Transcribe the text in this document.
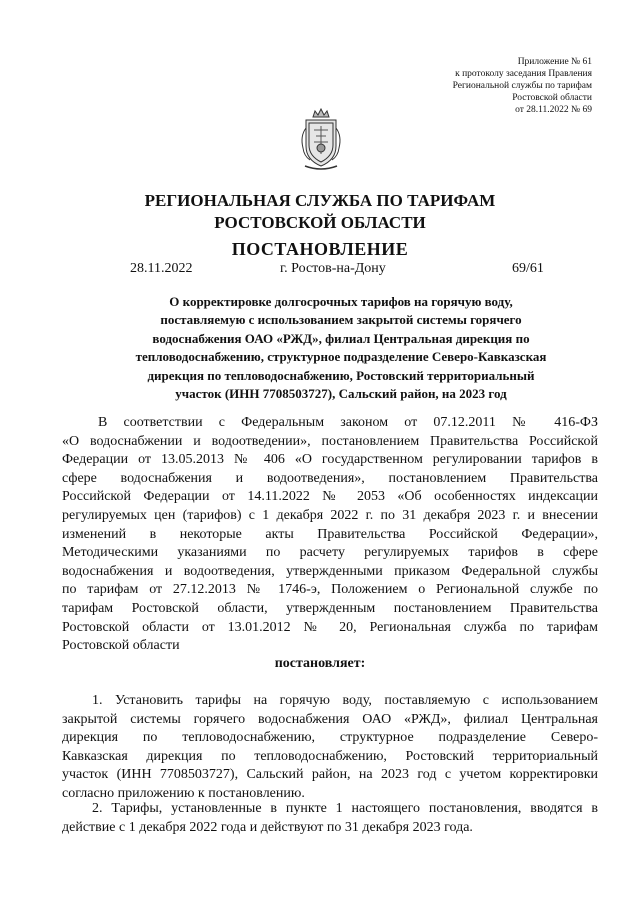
Приложение № 61
к протоколу заседания Правления
Региональной службы по тарифам
Ростовской области
от 28.11.2022 № 69
РЕГИОНАЛЬНАЯ СЛУЖБА ПО ТАРИФАМ
РОСТОВСКОЙ ОБЛАСТИ
ПОСТАНОВЛЕНИЕ
28.11.2022	г. Ростов-на-Дону	69/61
О корректировке долгосрочных тарифов на горячую воду,
поставляемую с использованием закрытой системы горячего
водоснабжения ОАО «РЖД», филиал Центральная дирекция по
тепловодоснабжению, структурное подразделение Северо-Кавказская
дирекция по тепловодоснабжению, Ростовский территориальный
участок (ИНН 7708503727), Сальский район, на 2023 год
В соответствии с Федеральным законом от 07.12.2011 № 416-ФЗ
«О водоснабжении и водоотведении», постановлением Правительства Российской
Федерации от 13.05.2013 № 406 «О государственном регулировании тарифов в
сфере водоснабжения и водоотведения», постановлением Правительства
Российской Федерации от 14.11.2022 № 2053 «Об особенностях индексации
регулируемых цен (тарифов) с 1 декабря 2022 г. по 31 декабря 2023 г. и внесении
изменений в некоторые акты Правительства Российской Федерации»,
Методическими указаниями по расчету регулируемых тарифов в сфере
водоснабжения и водоотведения, утвержденными приказом Федеральной службы
по тарифам от 27.12.2013 № 1746-э, Положением о Региональной службе по
тарифам Ростовской области, утвержденным постановлением Правительства
Ростовской области от 13.01.2012 № 20, Региональная служба по тарифам
Ростовской области
постановляет:
1. Установить тарифы на горячую воду, поставляемую с использованием
закрытой системы горячего водоснабжения ОАО «РЖД», филиал Центральная
дирекция по тепловодоснабжению, структурное подразделение Северо-
Кавказская дирекция по тепловодоснабжению, Ростовский территориальный
участок (ИНН 7708503727), Сальский район, на 2023 год с учетом корректировки
согласно приложению к постановлению.
2. Тарифы, установленные в пункте 1 настоящего постановления, вводятся в
действие с 1 декабря 2022 года и действуют по 31 декабря 2023 года.
